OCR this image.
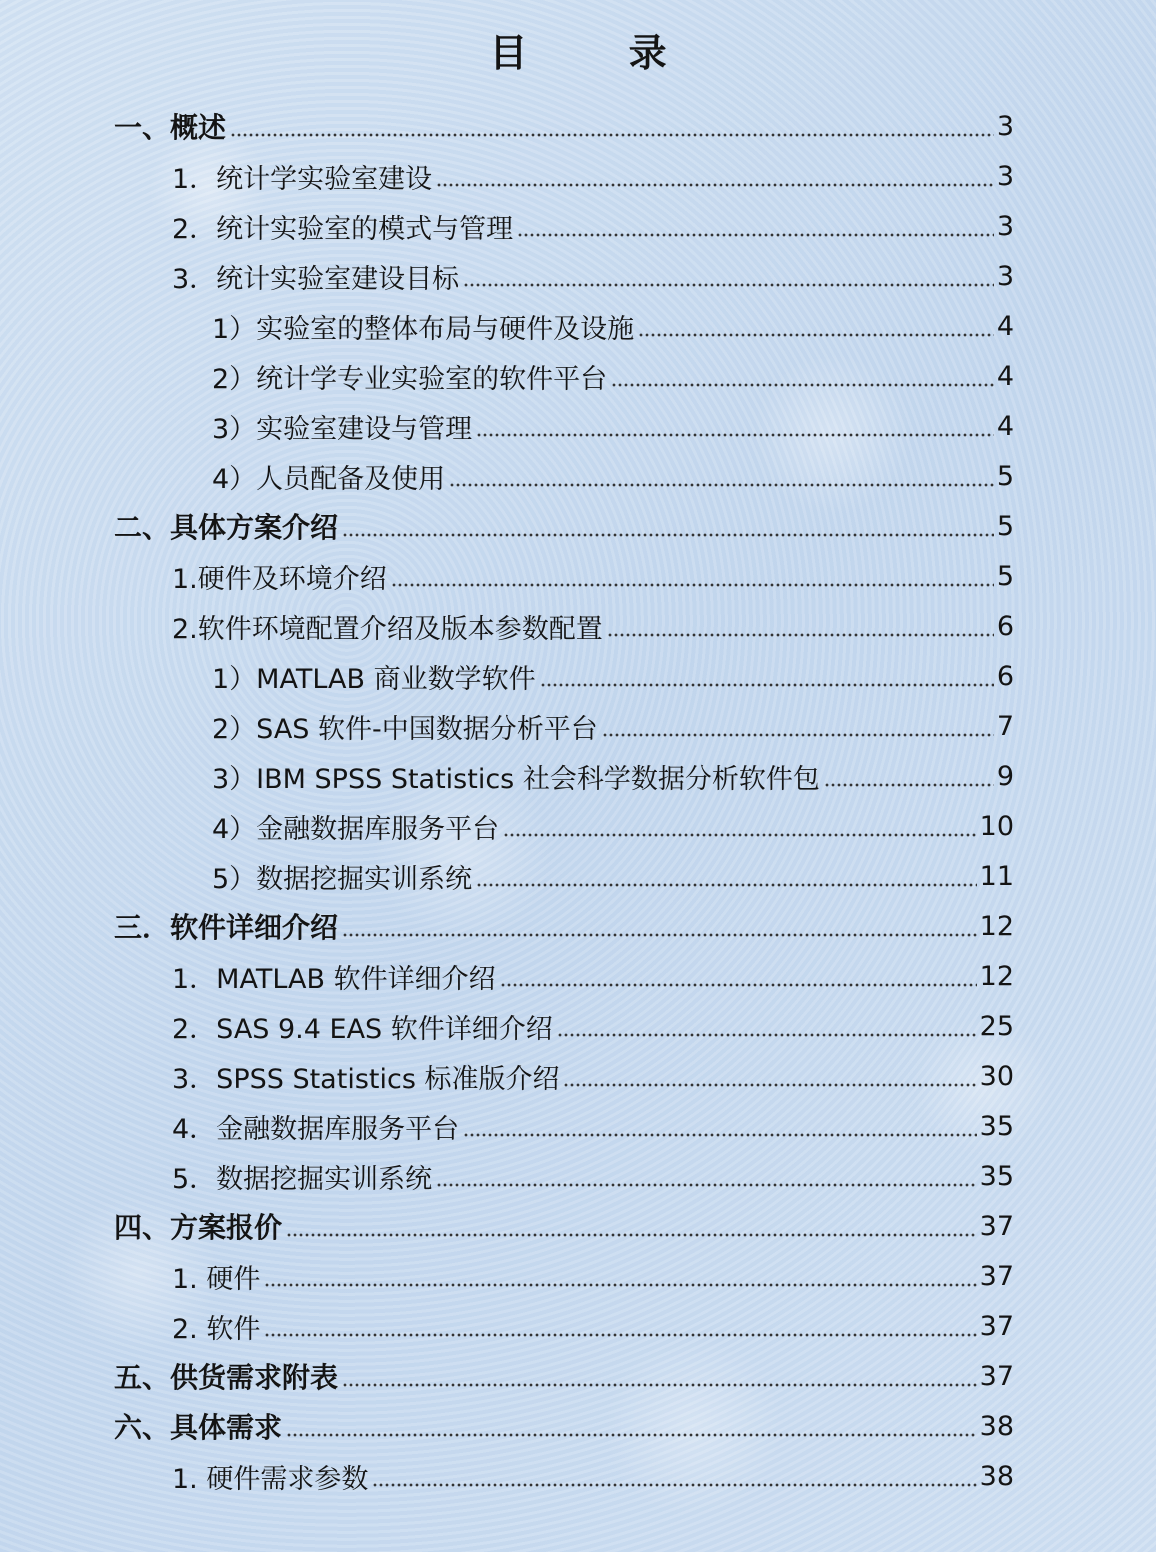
目 录
一、概述	3
1．统计学实验室建设	3
2．统计实验室的模式与管理	3
3．统计实验室建设目标	3
1）实验室的整体布局与硬件及设施	4
2）统计学专业实验室的软件平台	4
3）实验室建设与管理	4
4）人员配备及使用	5
二、具体方案介绍	5
1.硬件及环境介绍	5
2.软件环境配置介绍及版本参数配置	6
1）MATLAB 商业数学软件	6
2）SAS 软件-中国数据分析平台	7
3）IBM SPSS Statistics 社会科学数据分析软件包	9
4）金融数据库服务平台	10
5）数据挖掘实训系统	11
三．软件详细介绍	12
1．MATLAB 软件详细介绍	12
2．SAS 9.4 EAS 软件详细介绍	25
3．SPSS Statistics 标准版介绍	30
4．金融数据库服务平台	35
5．数据挖掘实训系统	35
四、方案报价	37
1. 硬件	37
2. 软件	37
五、供货需求附表	37
六、具体需求	38
1. 硬件需求参数	38
